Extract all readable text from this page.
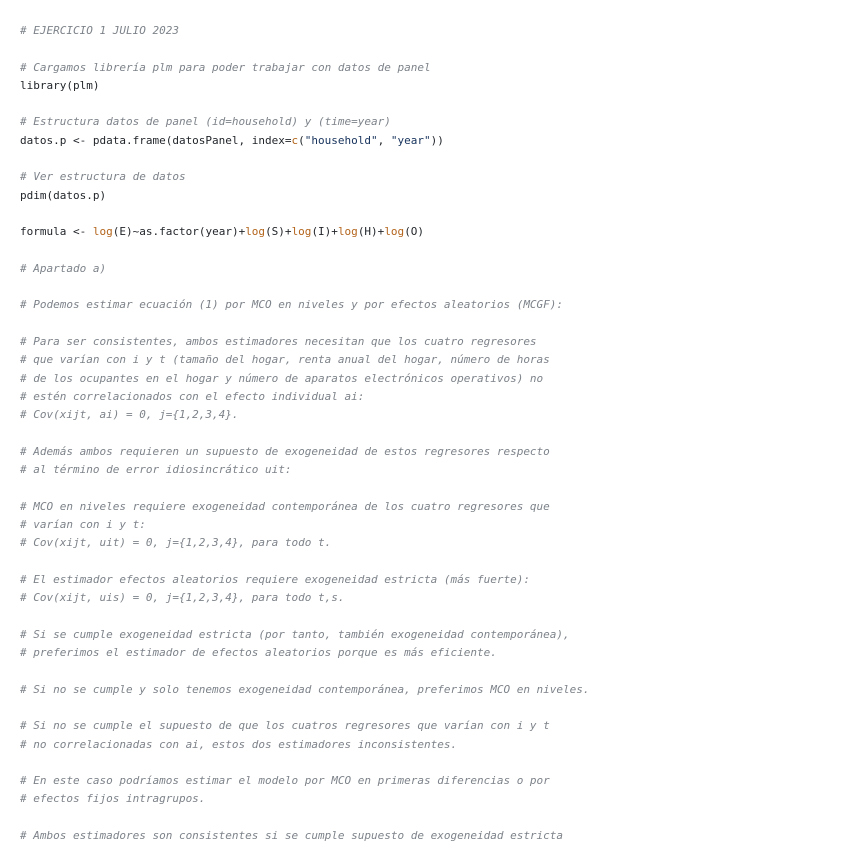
# EJERCICIO 1 JULIO 2023
# Cargamos librería plm para poder trabajar con datos de panel
library(plm)
# Estructura datos de panel (id=household) y (time=year)
datos.p <- pdata.frame(datosPanel, index=c("household", "year"))
# Ver estructura de datos
pdim(datos.p)
formula <- log(E)~as.factor(year)+log(S)+log(I)+log(H)+log(O)
# Apartado a)
# Podemos estimar ecuación (1) por MCO en niveles y por efectos aleatorios (MCGF):
# Para ser consistentes, ambos estimadores necesitan que los cuatro regresores
# que varían con i y t (tamaño del hogar, renta anual del hogar, número de horas
# de los ocupantes en el hogar y número de aparatos electrónicos operativos) no
# estén correlacionados con el efecto individual ai:
# Cov(xijt, ai) = 0, j={1,2,3,4}.
# Además ambos requieren un supuesto de exogeneidad de estos regresores respecto
# al término de error idiosincrático uit:
# MCO en niveles requiere exogeneidad contemporánea de los cuatro regresores que
# varían con i y t:
# Cov(xijt, uit) = 0, j={1,2,3,4}, para todo t.
# El estimador efectos aleatorios requiere exogeneidad estricta (más fuerte):
# Cov(xijt, uis) = 0, j={1,2,3,4}, para todo t,s.
# Si se cumple exogeneidad estricta (por tanto, también exogeneidad contemporánea),
# preferimos el estimador de efectos aleatorios porque es más eficiente.
# Si no se cumple y solo tenemos exogeneidad contemporánea, preferimos MCO en niveles.
# Si no se cumple el supuesto de que los cuatros regresores que varían con i y t
# no correlacionadas con ai, estos dos estimadores inconsistentes.
# En este caso podríamos estimar el modelo por MCO en primeras diferencias o por
# efectos fijos intragrupos.
# Ambos estimadores son consistentes si se cumple supuesto de exogeneidad estricta
